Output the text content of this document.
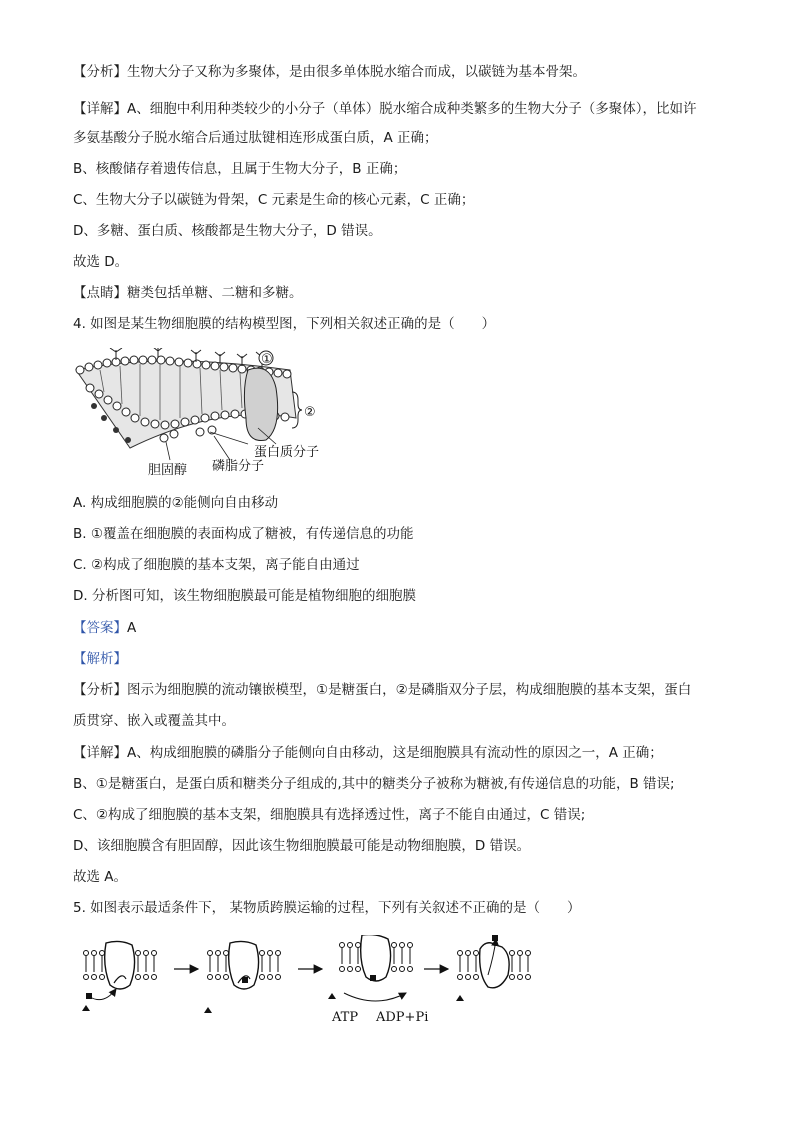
【分析】生物大分子又称为多聚体，是由很多单体脱水缩合而成，以碳链为基本骨架。
【详解】A、细胞中利用种类较少的小分子（单体）脱水缩合成种类繁多的生物大分子（多聚体），比如许
多氨基酸分子脱水缩合后通过肽键相连形成蛋白质，A 正确；
B、核酸储存着遗传信息，且属于生物大分子，B 正确；
C、生物大分子以碳链为骨架，C 元素是生命的核心元素，C 正确；
D、多糖、蛋白质、核酸都是生物大分子，D 错误。
故选 D。
【点睛】糖类包括单糖、二糖和多糖。
4. 如图是某生物细胞膜的结构模型图，下列相关叙述正确的是（　　）
①
②
蛋白质分子
胆固醇 磷脂分子
A. 构成细胞膜的②能侧向自由移动
B. ①覆盖在细胞膜的表面构成了糖被，有传递信息的功能
C. ②构成了细胞膜的基本支架，离子能自由通过
D. 分析图可知，该生物细胞膜最可能是植物细胞的细胞膜
【答案】A
【解析】
【分析】图示为细胞膜的流动镶嵌模型，①是糖蛋白，②是磷脂双分子层，构成细胞膜的基本支架，蛋白
质贯穿、嵌入或覆盖其中。
【详解】A、构成细胞膜的磷脂分子能侧向自由移动，这是细胞膜具有流动性的原因之一，A 正确；
B、①是糖蛋白，是蛋白质和糖类分子组成的,其中的糖类分子被称为糖被,有传递信息的功能，B 错误;
C、②构成了细胞膜的基本支架，细胞膜具有选择透过性，离子不能自由通过，C 错误;
D、该细胞膜含有胆固醇，因此该生物细胞膜最可能是动物细胞膜，D 错误。
故选 A。
5. 如图表示最适条件下， 某物质跨膜运输的过程，下列有关叙述不正确的是（　　）
ATP ADP+Pi
